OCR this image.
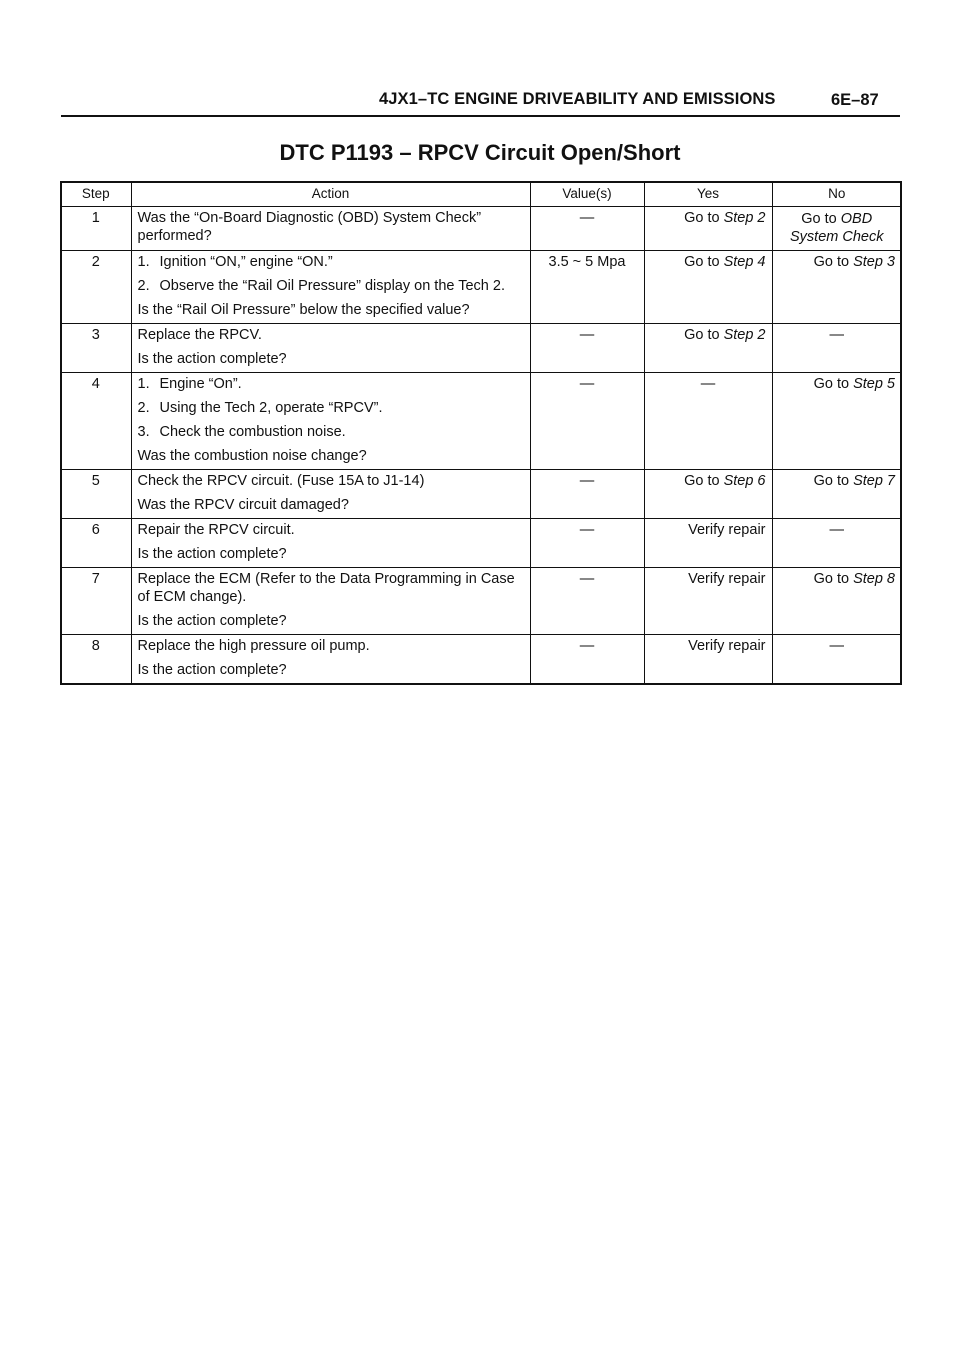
4JX1–TC ENGINE DRIVEABILITY AND EMISSIONS	6E–87
DTC P1193 – RPCV Circuit Open/Short
Step	Action	Value(s)	Yes	No
1	Was the “On-Board Diagnostic (OBD) System Check” performed?	—	Go to Step 2	Go to OBD System Check
2	1. Ignition “ON,” engine “ON.”
2. Observe the “Rail Oil Pressure” display on the Tech 2.
Is the “Rail Oil Pressure” below the specified value?	3.5 ~ 5 Mpa	Go to Step 4	Go to Step 3
3	Replace the RPCV.
Is the action complete?	—	Go to Step 2	—
4	1. Engine “On”.
2. Using the Tech 2, operate “RPCV”.
3. Check the combustion noise.
Was the combustion noise change?	—	—	Go to Step 5
5	Check the RPCV circuit. (Fuse 15A to J1-14)
Was the RPCV circuit damaged?	—	Go to Step 6	Go to Step 7
6	Repair the RPCV circuit.
Is the action complete?	—	Verify repair	—
7	Replace the ECM (Refer to the Data Programming in Case of ECM change).
Is the action complete?	—	Verify repair	Go to Step 8
8	Replace the high pressure oil pump.
Is the action complete?	—	Verify repair	—
